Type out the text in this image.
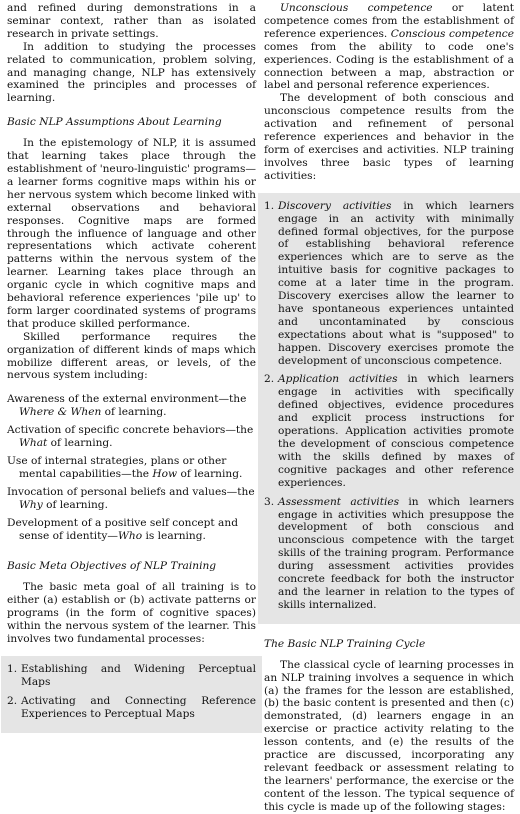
and refined during demonstrations in a seminar context, rather than as isolated research in private settings.

In addition to studying the processes related to communication, problem solving, and managing change, NLP has extensively examined the principles and processes of learning.

Basic NLP Assumptions About Learning

In the epistemology of NLP, it is assumed that learning takes place through the establishment of 'neuro-linguistic' programs—a learner forms cognitive maps within his or her nervous system which become linked with external observations and behavioral responses. Cognitive maps are formed through the influence of language and other representations which activate coherent patterns within the nervous system of the learner. Learning takes place through an organic cycle in which cognitive maps and behavioral reference experiences 'pile up' to form larger coordinated systems of programs that produce skilled performance.

Skilled performance requires the organization of different kinds of maps which mobilize different areas, or levels, of the nervous system including:

Awareness of the external environment—the Where & When of learning.

Activation of specific concrete behaviors—the What of learning.

Use of internal strategies, plans or other mental capabilities—the How of learning.

Invocation of personal beliefs and values—the Why of learning.

Development of a positive self concept and sense of identity—Who is learning.

Basic Meta Objectives of NLP Training

The basic meta goal of all training is to either (a) establish or (b) activate patterns or programs (in the form of cognitive spaces) within the nervous system of the learner. This involves two fundamental processes:

1. Establishing and Widening Perceptual Maps
2. Activating and Connecting Reference Experiences to Perceptual Maps

Unconscious competence or latent competence comes from the establishment of reference experiences. Conscious competence comes from the ability to code one's experiences. Coding is the establishment of a connection between a map, abstraction or label and personal reference experiences.

The development of both conscious and unconscious competence results from the activation and refinement of personal reference experiences and behavior in the form of exercises and activities. NLP training involves three basic types of learning activities:

1. Discovery activities in which learners engage in an activity with minimally defined formal objectives, for the purpose of establishing behavioral reference experiences which are to serve as the intuitive basis for cognitive packages to come at a later time in the program. Discovery exercises allow the learner to have spontaneous experiences untainted and uncontaminated by conscious expectations about what is "supposed" to happen. Discovery exercises promote the development of unconscious competence.
2. Application activities in which learners engage in activities with specifically defined objectives, evidence procedures and explicit process instructions for operations. Application activities promote the development of conscious competence with the skills defined by maxes of cognitive packages and other reference experiences.
3. Assessment activities in which learners engage in activities which presuppose the development of both conscious and unconscious competence with the target skills of the training program. Performance during assessment activities provides concrete feedback for both the instructor and the learner in relation to the types of skills internalized.
The Basic NLP Training Cycle

The classical cycle of learning processes in an NLP training involves a sequence in which (a) the frames for the lesson are established, (b) the basic content is presented and then (c) demonstrated, (d) learners engage in an exercise or practice activity relating to the lesson contents, and (e) the results of the practice are discussed, incorporating any relevant feedback or assessment relating to the learners' performance, the exercise or the content of the lesson. The typical sequence of this cycle is made up of the following stages:
